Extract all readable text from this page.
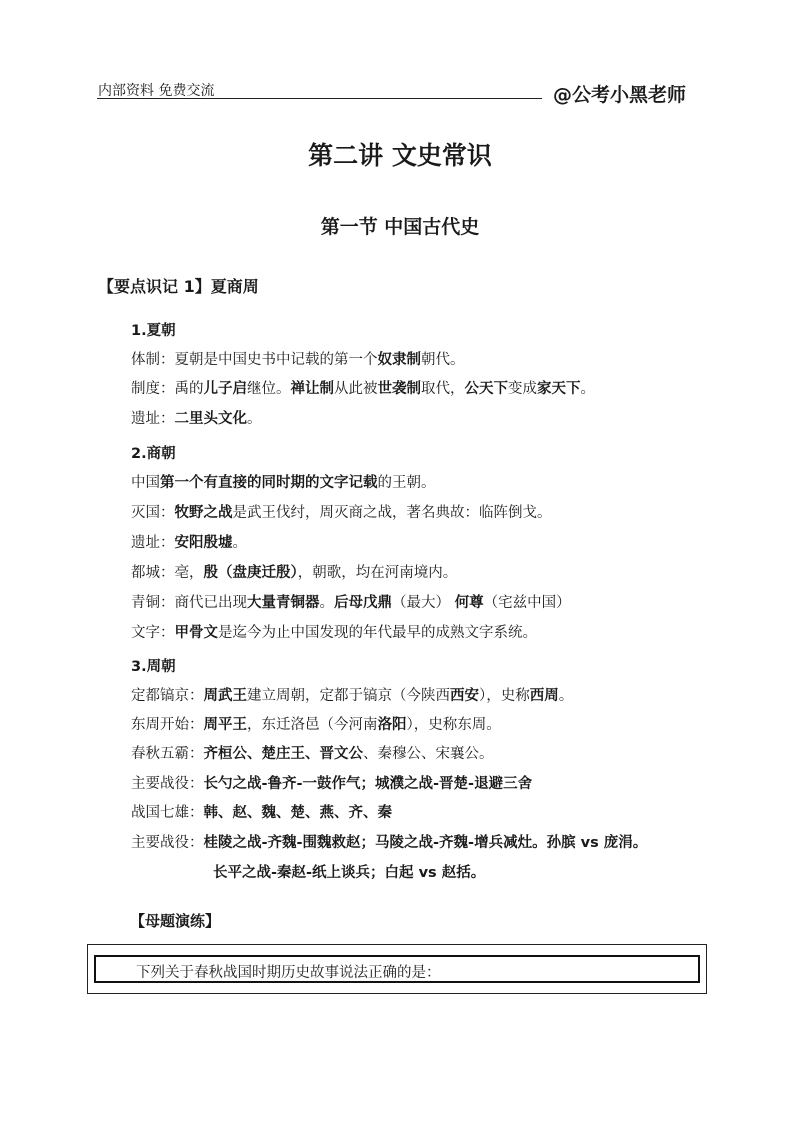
内部资料 免费交流	@公考小黑老师
第二讲 文史常识
第一节 中国古代史
【要点识记 1】夏商周
1.夏朝
体制：夏朝是中国史书中记载的第一个奴隶制朝代。
制度：禹的儿子启继位。禅让制从此被世袭制取代，公天下变成家天下。
遗址：二里头文化。
2.商朝
中国第一个有直接的同时期的文字记载的王朝。
灭国：牧野之战是武王伐纣，周灭商之战，著名典故：临阵倒戈。
遗址：安阳殷墟。
都城：亳，殷（盘庚迁殷），朝歌，均在河南境内。
青铜：商代已出现大量青铜器。后母戊鼎（最大） 何尊（宅兹中国）
文字：甲骨文是迄今为止中国发现的年代最早的成熟文字系统。
3.周朝
定都镐京：周武王建立周朝，定都于镐京（今陕西西安），史称西周。
东周开始：周平王，东迁洛邑（今河南洛阳），史称东周。
春秋五霸：齐桓公、楚庄王、晋文公、秦穆公、宋襄公。
主要战役：长勺之战-鲁齐-一鼓作气；城濮之战-晋楚-退避三舍
战国七雄：韩、赵、魏、楚、燕、齐、秦
主要战役：桂陵之战-齐魏-围魏救赵；马陵之战-齐魏-增兵减灶。孙膑 vs 庞涓。
长平之战-秦赵-纸上谈兵；白起 vs 赵括。
【母题演练】
下列关于春秋战国时期历史故事说法正确的是：
